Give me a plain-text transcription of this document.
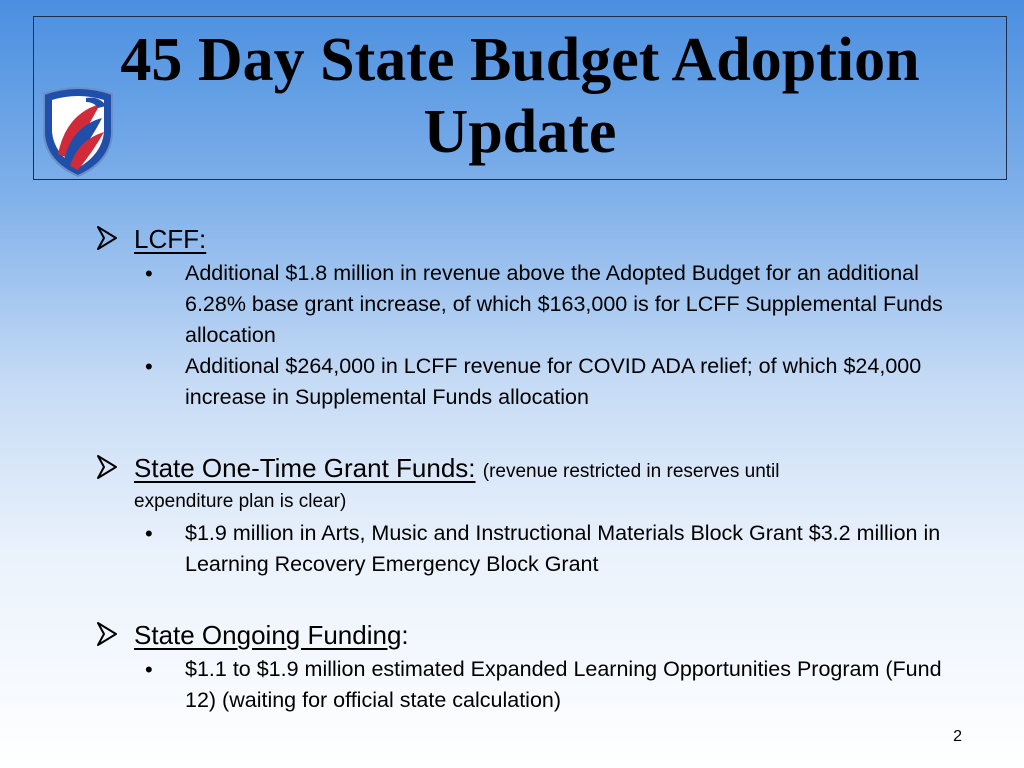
45 Day State Budget Adoption
Update
LCFF:
• Additional $1.8 million in revenue above the Adopted Budget for an additional 6.28% base grant increase, of which $163,000 is for LCFF Supplemental Funds allocation
• Additional $264,000 in LCFF revenue for COVID ADA relief; of which $24,000 increase in Supplemental Funds allocation
State One-Time Grant Funds: (revenue restricted in reserves until
expenditure plan is clear)
• $1.9 million in Arts, Music and Instructional Materials Block Grant $3.2 million in Learning Recovery Emergency Block Grant
State Ongoing Funding:
• $1.1 to $1.9 million estimated Expanded Learning Opportunities Program (Fund 12) (waiting for official state calculation)
2
